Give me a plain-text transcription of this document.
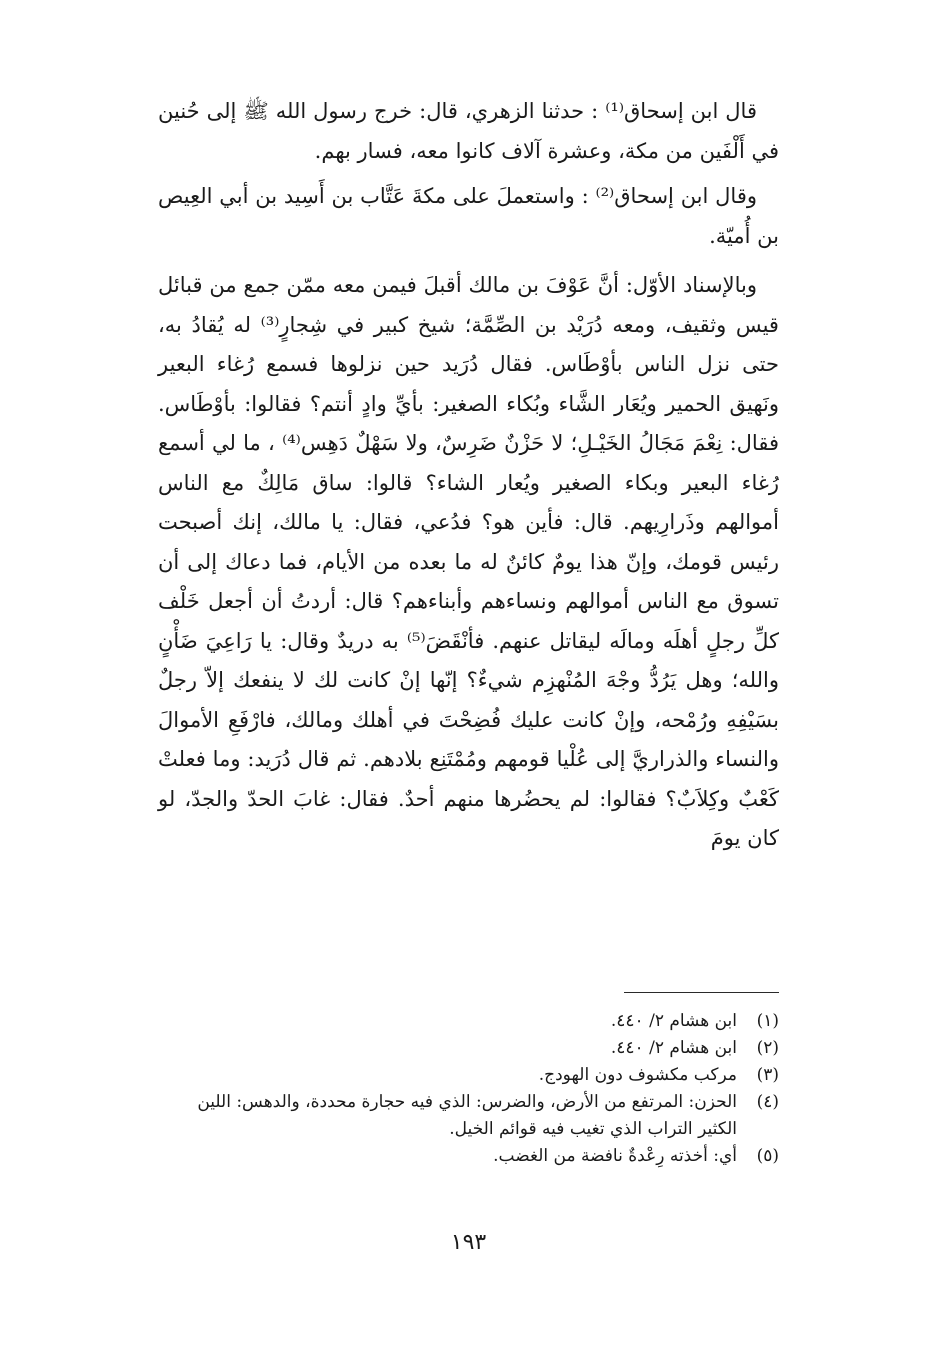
قال ابن إسحاق⁽¹⁾ : حدثنا الزهري، قال: خرج رسول الله ﷺ إلى حُنين في أَلْفَين من مكة، وعشرة آلاف كانوا معه، فسار بهم.

وقال ابن إسحاق⁽²⁾ : واستعملَ على مكةَ عَتَّاب بن أَسِيد بن أبي العِيص بن أُميّة.

وبالإسناد الأوّل: أنَّ عَوْفَ بن مالك أقبلَ فيمن معه ممّن جمع من قبائل قيس وثقيف، ومعه دُرَيْد بن الصِّمَّة؛ شيخ كبير في شِجارٍ⁽³⁾ له يُقادُ به، حتى نزل الناس بأوْطَاس. فقال دُرَيد حين نزلوها فسمع رُغاء البعير ونَهيق الحمير ويُعَار الشَّاء وبُكاء الصغير: بأيِّ وادٍ أنتم؟ فقالوا: بأوْطَاس. فقال: نِعْمَ مَجَالُ الخَيْـلِ؛ لا حَزْنٌ ضَرِسٌ، ولا سَهْلٌ دَهِس⁽⁴⁾ ، ما لي أسمع رُغاء البعير وبكاء الصغير ويُعار الشاء؟ قالوا: ساق مَالِكٌ مع الناس أموالهم وذَرارِيهم. قال: فأين هو؟ فدُعي، فقال: يا مالك، إنك أصبحت رئيس قومك، وإنّ هذا يومٌ كائنٌ له ما بعده من الأيام، فما دعاك إلى أن تسوق مع الناس أموالهم ونساءهم وأبناءهم؟ قال: أردتُ أن أجعل خَلْف كلِّ رجلٍ أهلَه ومالَه ليقاتل عنهم. فأنْقَضَ⁽⁵⁾ به دريدٌ وقال: يا رَاعِيَ ضَأْنٍ والله؛ وهل يَرُدُّ وجْهَ المُنْهزِم شيءٌ؟ إنّها إنْ كانت لك لا ينفعك إلاّ رجلٌ بسَيْفِهِ ورُمْحه، وإنْ كانت عليك فُضِحْتَ في أهلك ومالك، فارْفَعِ الأموالَ والنساء والذراريَّ إلى عُلْيا قومهم ومُمْتَنِع بلادهم. ثم قال دُرَيد: وما فعلتْ كَعْبٌ وكِلاَبٌ؟ فقالوا: لم يحضُرها منهم أحدٌ. فقال: غابَ الحدّ والجدّ، لو كان يومَ

(١)
ابن هشام ٢/ ٤٤٠.
(٢)
ابن هشام ٢/ ٤٤٠.
(٣)
مركب مكشوف دون الهودج.
(٤)
الحزن: المرتفع من الأرض، والضرس: الذي فيه حجارة محددة، والدهس: اللين الكثير التراب الذي تغيب فيه قوائم الخيل.
(٥)
أي: أخذته رِعْدةٌ نافضة من الغضب.
١٩٣
